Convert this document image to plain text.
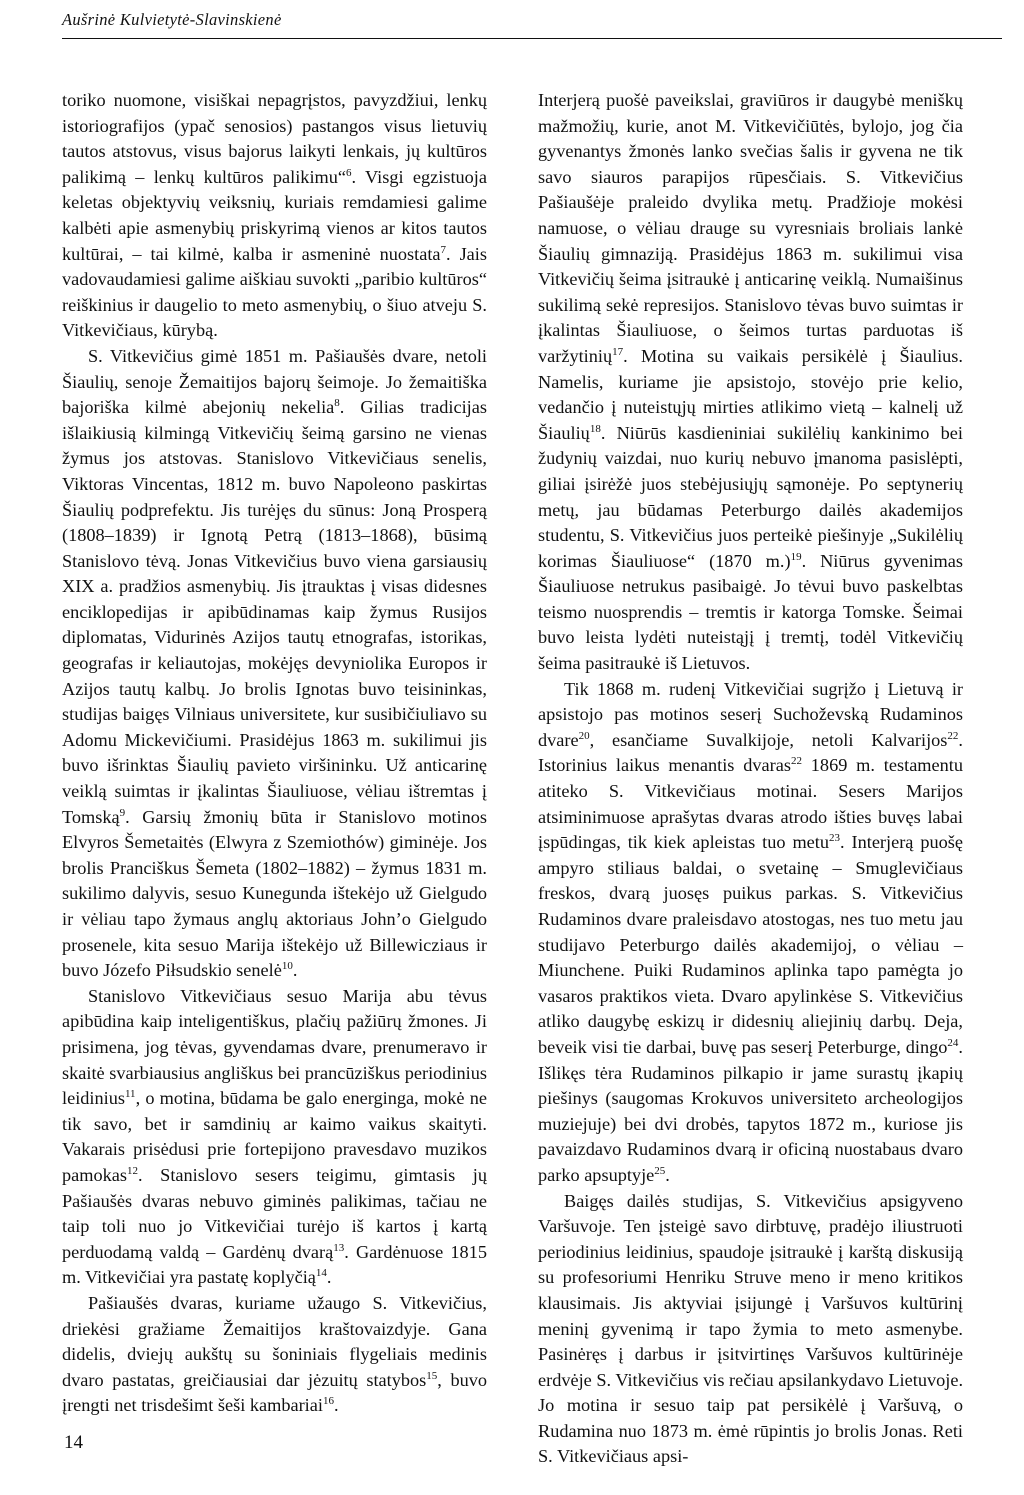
Aušrinė Kulvietytė-Slavinskienė

toriko nuomone, visiškai nepagrįstos, pavyzdžiui, lenkų istoriografijos (ypač senosios) pastangos visus lietuvių tautos atstovus, visus bajorus laikyti lenkais, jų kultūros palikimą – lenkų kultūros palikimu“$^6$. Visgi egzistuoja keletas objektyvių veiksnių, kuriais remdamiesi galime kalbėti apie asmenybių priskyrimą vienos ar kitos tautos kultūrai, – tai kilmė, kalba ir asmeninė nuostata$^7$. Jais vadovaudamiesi galime aiškiau suvokti „paribio kultūros“ reiškinius ir daugelio to meto asmenybių, o šiuo atveju S. Vitkevičiaus, kūrybą.

S. Vitkevičius gimė 1851 m. Pašiaušės dvare, netoli Šiaulių, senoje Žemaitijos bajorų šeimoje. Jo žemaitiška bajoriška kilmė abejonių nekelia$^8$. Gilias tradicijas išlaikiusią kilmingą Vitkevičių šeimą garsino ne vienas žymus jos atstovas. Stanislovo Vitkevičiaus senelis, Viktoras Vincentas, 1812 m. buvo Napoleono paskirtas Šiaulių podprefektu. Jis turėjęs du sūnus: Joną Prosperą (1808–1839) ir Ignotą Petrą (1813–1868), būsimą Stanislovo tėvą. Jonas Vitkevičius buvo viena garsiausių XIX a. pradžios asmenybių. Jis įtrauktas į visas didesnes enciklopedijas ir apibūdinamas kaip žymus Rusijos diplomatas, Vidurinės Azijos tautų etnografas, istorikas, geografas ir keliautojas, mokėjęs devyniolika Europos ir Azijos tautų kalbų. Jo brolis Ignotas buvo teisininkas, studijas baigęs Vilniaus universitete, kur susibičiuliavo su Adomu Mickevičiumi. Prasidėjus 1863 m. sukilimui jis buvo išrinktas Šiaulių pavieto viršininku. Už anticarinę veiklą suimtas ir įkalintas Šiauliuose, vėliau ištremtas į Tomską$^9$. Garsių žmonių būta ir Stanislovo motinos Elvyros Šemetaitės (Elwyra z Szemiothów) giminėje. Jos brolis Pranciškus Šemeta (1802–1882) – žymus 1831 m. sukilimo dalyvis, sesuo Kunegunda ištekėjo už Gielgudo ir vėliau tapo žymaus anglų aktoriaus John’o Gielgudo prosenele, kita sesuo Marija ištekėjo už Billewicziaus ir buvo Józefo Piłsudskio senelė$^{10}$.

Stanislovo Vitkevičiaus sesuo Marija abu tėvus apibūdina kaip inteligentiškus, plačių pažiūrų žmones. Ji prisimena, jog tėvas, gyvendamas dvare, prenumeravo ir skaitė svarbiausius angliškus bei prancūziškus periodinius leidinius$^{11}$, o motina, būdama be galo energinga, mokė ne tik savo, bet ir samdinių ar kaimo vaikus skaityti. Vakarais prisėdusi prie fortepijono pravesdavo muzikos pamokas$^{12}$. Stanislovo sesers teigimu, gimtasis jų Pašiaušės dvaras nebuvo giminės palikimas, tačiau ne taip toli nuo jo Vitkevičiai turėjo iš kartos į kartą perduodamą valdą – Gardėnų dvarą$^{13}$. Gardėnuose 1815 m. Vitkevičiai yra pastatę koplyčią$^{14}$.

Pašiaušės dvaras, kuriame užaugo S. Vitkevičius, driekėsi gražiame Žemaitijos kraštovaizdyje. Gana didelis, dviejų aukštų su šoniniais flygeliais medinis dvaro pastatas, greičiausiai dar jėzuitų statybos$^{15}$, buvo įrengti net trisdešimt šeši kambariai$^{16}$.

Interjerą puošė paveikslai, graviūros ir daugybė meniškų mažmožių, kurie, anot M. Vitkevičiūtės, bylojo, jog čia gyvenantys žmonės lanko svečias šalis ir gyvena ne tik savo siauros parapijos rūpesčiais. S. Vitkevičius Pašiaušėje praleido dvylika metų. Pradžioje mokėsi namuose, o vėliau drauge su vyresniais broliais lankė Šiaulių gimnaziją. Prasidėjus 1863 m. sukilimui visa Vitkevičių šeima įsitraukė į anticarinę veiklą. Numaišinus sukilimą sekė represijos. Stanislovo tėvas buvo suimtas ir įkalintas Šiauliuose, o šeimos turtas parduotas iš varžytinių$^{17}$. Motina su vaikais persikėlė į Šiaulius. Namelis, kuriame jie apsistojo, stovėjo prie kelio, vedančio į nuteistųjų mirties atlikimo vietą – kalnelį už Šiaulių$^{18}$. Niūrūs kasdieniniai sukilėlių kankinimo bei žudynių vaizdai, nuo kurių nebuvo įmanoma pasislėpti, giliai įsirėžė juos stebėjusiųjų sąmonėje. Po septynerių metų, jau būdamas Peterburgo dailės akademijos studentu, S. Vitkevičius juos perteikė piešinyje „Sukilėlių korimas Šiauliuose“ (1870 m.)$^{19}$. Niūrus gyvenimas Šiauliuose netrukus pasibaigė. Jo tėvui buvo paskelbtas teismo nuosprendis – tremtis ir katorga Tomske. Šeimai buvo leista lydėti nuteistąjį į tremtį, todėl Vitkevičių šeima pasitraukė iš Lietuvos.

Tik 1868 m. rudenį Vitkevičiai sugrįžo į Lietuvą ir apsistojo pas motinos seserį Suchoževską Rudaminos dvare$^{20}$, esančiame Suvalkijoje, netoli Kalvarijos$^{22}$. Istorinius laikus menantis dvaras$^{22}$ 1869 m. testamentu atiteko S. Vitkevičiaus motinai. Sesers Marijos atsiminimuose aprašytas dvaras atrodo išties buvęs labai įspūdingas, tik kiek apleistas tuo metu$^{23}$. Interjerą puošę ampyro stiliaus baldai, o svetainę – Smuglevičiaus freskos, dvarą juosęs puikus parkas. S. Vitkevičius Rudaminos dvare praleisdavo atostogas, nes tuo metu jau studijavo Peterburgo dailės akademijoj, o vėliau – Miunchene. Puiki Rudaminos aplinka tapo pamėgta jo vasaros praktikos vieta. Dvaro apylinkėse S. Vitkevičius atliko daugybę eskizų ir didesnių aliejinių darbų. Deja, beveik visi tie darbai, buvę pas seserį Peterburge, dingo$^{24}$. Išlikęs tėra Rudaminos pilkapio ir jame surastų įkapių piešinys (saugomas Krokuvos universiteto archeologijos muziejuje) bei dvi drobės, tapytos 1872 m., kuriose jis pavaizdavo Rudaminos dvarą ir oficiną nuostabaus dvaro parko apsuptyje$^{25}$.

Baigęs dailės studijas, S. Vitkevičius apsigyveno Varšuvoje. Ten įsteigė savo dirbtuvę, pradėjo iliustruoti periodinius leidinius, spaudoje įsitraukė į karštą diskusiją su profesoriumi Henriku Struve meno ir meno kritikos klausimais. Jis aktyviai įsijungė į Varšuvos kultūrinį meninį gyvenimą ir tapo žymia to meto asmenybe. Pasinėręs į darbus ir įsitvirtinęs Varšuvos kultūrinėje erdvėje S. Vitkevičius vis rečiau apsilankydavo Lietuvoje. Jo motina ir sesuo taip pat persikėlė į Varšuvą, o Rudamina nuo 1873 m. ėmė rūpintis jo brolis Jonas. Reti S. Vitkevičiaus apsi-

14
